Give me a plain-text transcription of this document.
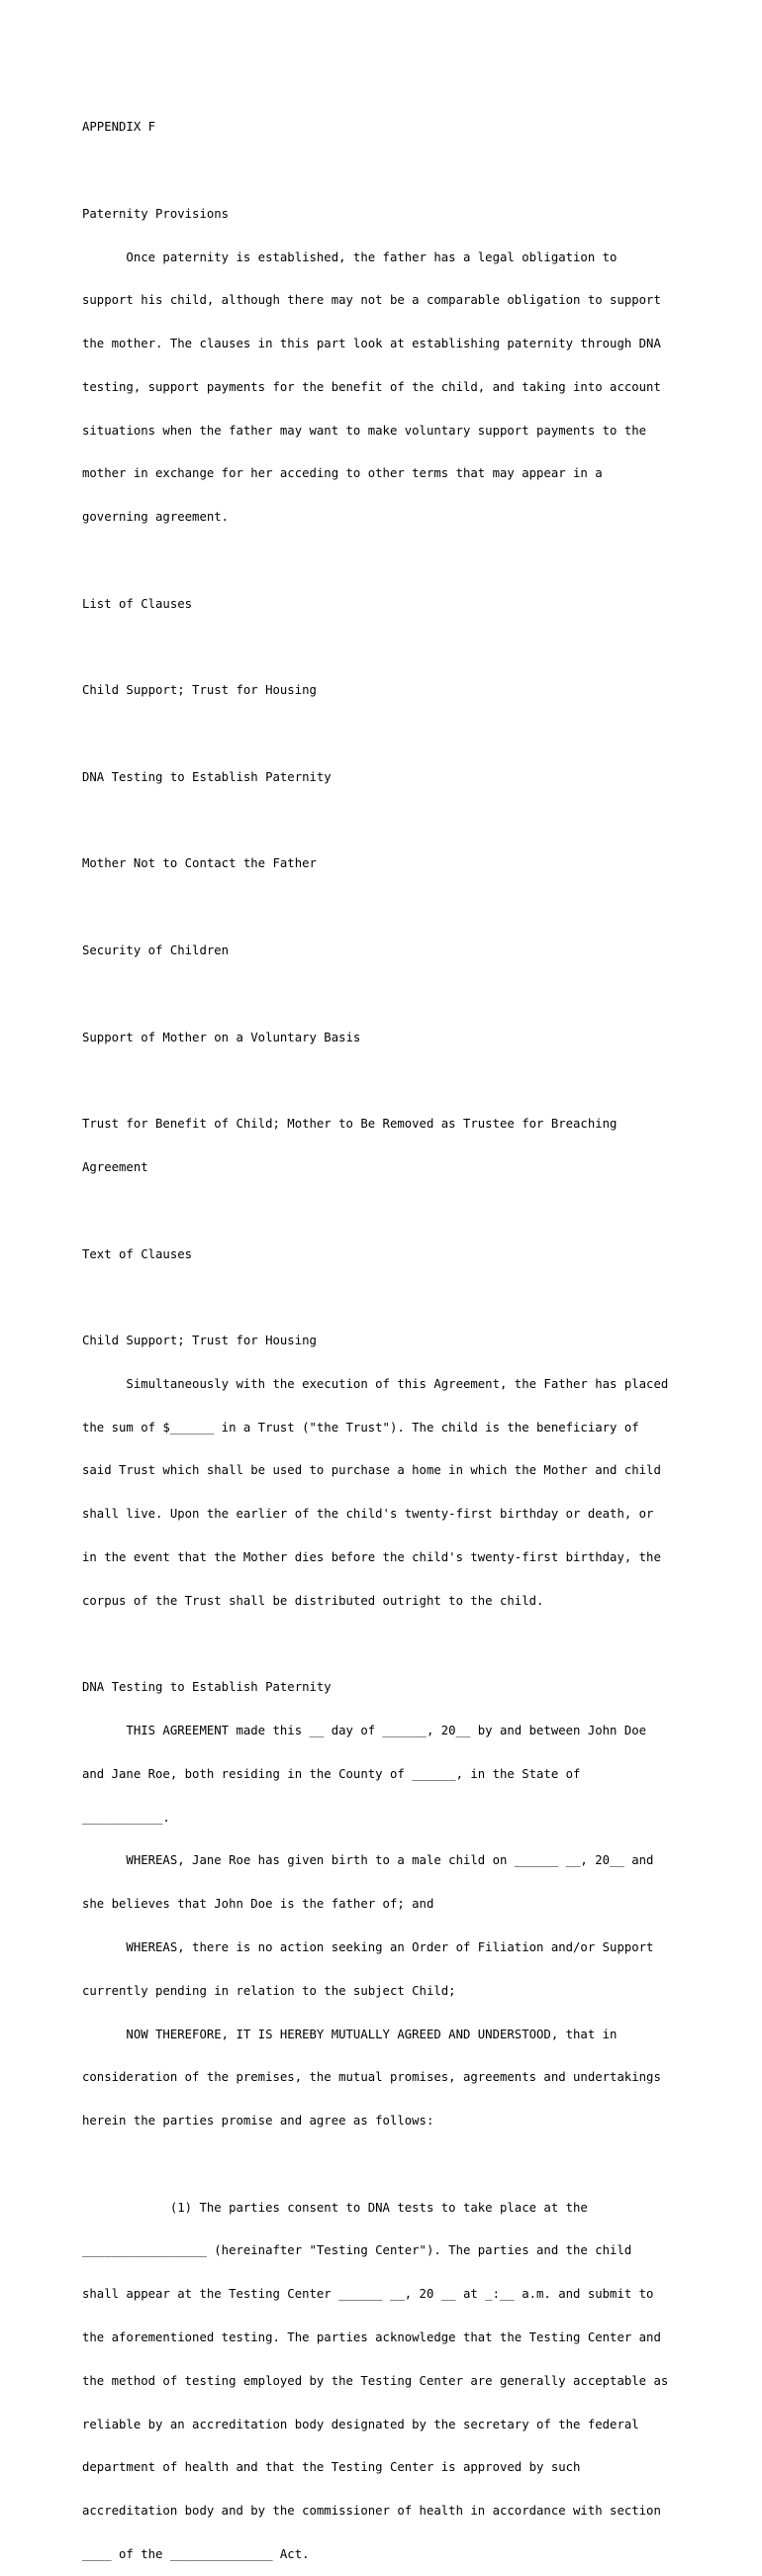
APPENDIX F

Paternity Provisions

Once paternity is established, the father has a legal obligation to

support his child, although there may not be a comparable obligation to support

the mother. The clauses in this part look at establishing paternity through DNA

testing, support payments for the benefit of the child, and taking into account

situations when the father may want to make voluntary support payments to the

mother in exchange for her acceding to other terms that may appear in a

governing agreement.

List of Clauses

Child Support; Trust for Housing

DNA Testing to Establish Paternity

Mother Not to Contact the Father

Security of Children

Support of Mother on a Voluntary Basis

Trust for Benefit of Child; Mother to Be Removed as Trustee for Breaching

Agreement

Text of Clauses

Child Support; Trust for Housing

Simultaneously with the execution of this Agreement, the Father has placed

the sum of $______ in a Trust ("the Trust"). The child is the beneficiary of

said Trust which shall be used to purchase a home in which the Mother and child

shall live. Upon the earlier of the child's twenty-first birthday or death, or

in the event that the Mother dies before the child's twenty-first birthday, the

corpus of the Trust shall be distributed outright to the child.

DNA Testing to Establish Paternity

THIS AGREEMENT made this __ day of ______, 20__ by and between John Doe

and Jane Roe, both residing in the County of ______, in the State of

___________.

WHEREAS, Jane Roe has given birth to a male child on ______ __, 20__ and

she believes that John Doe is the father of; and

WHEREAS, there is no action seeking an Order of Filiation and/or Support

currently pending in relation to the subject Child;

NOW THEREFORE, IT IS HEREBY MUTUALLY AGREED AND UNDERSTOOD, that in

consideration of the premises, the mutual promises, agreements and undertakings

herein the parties promise and agree as follows:

(1) The parties consent to DNA tests to take place at the

_________________ (hereinafter "Testing Center"). The parties and the child

shall appear at the Testing Center ______ __, 20 __ at _:__ a.m. and submit to

the aforementioned testing. The parties acknowledge that the Testing Center and

the method of testing employed by the Testing Center are generally acceptable as

reliable by an accreditation body designated by the secretary of the federal

department of health and that the Testing Center is approved by such

accreditation body and by the commissioner of health in accordance with section

____ of the ______________ Act.
